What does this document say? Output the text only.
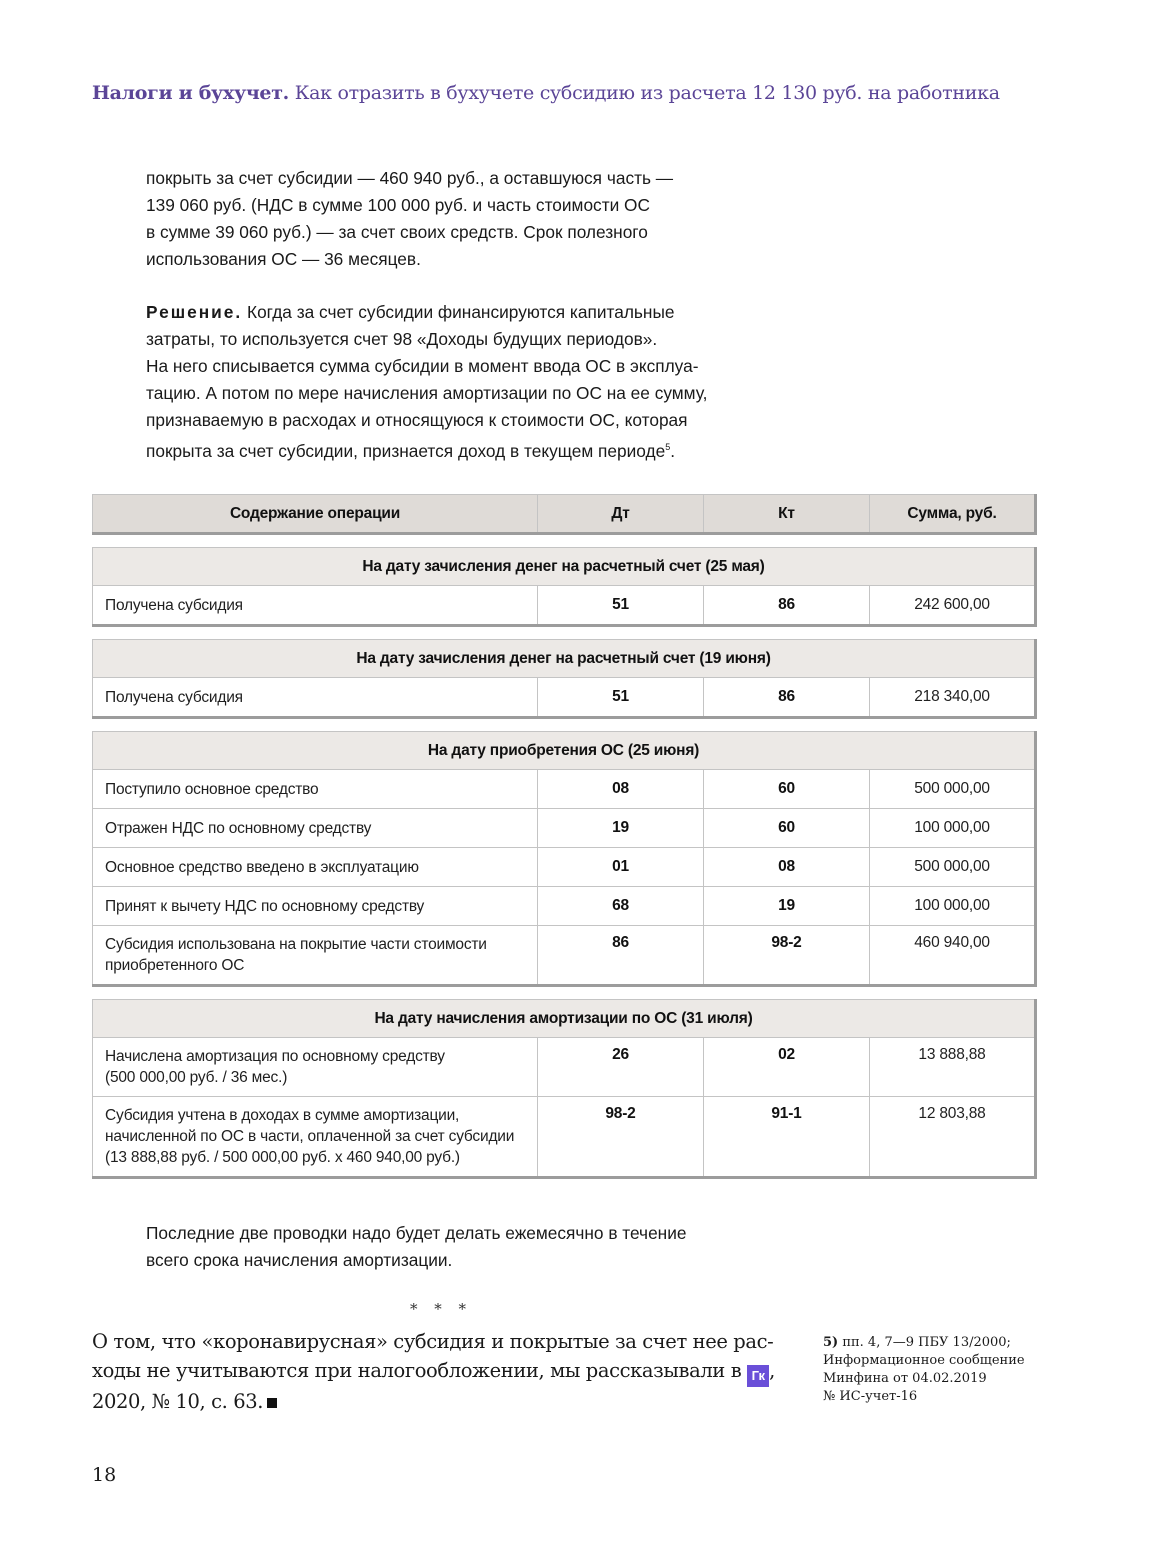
Налоги и бухучет. Как отразить в бухучете субсидию из расчета 12 130 руб. на работника

покрыть за счет субсидии — 460 940 руб., а оставшуюся часть —

139 060 руб. (НДС в сумме 100 000 руб. и часть стоимости ОС

в сумме 39 060 руб.) — за счет своих средств. Срок полезного

использования ОС — 36 месяцев.

Решение. Когда за счет субсидии финансируются капитальные

затраты, то используется счет 98 «Доходы будущих периодов».

На него списывается сумма субсидии в момент ввода ОС в эксплуа-

тацию. А потом по мере начисления амортизации по ОС на ее сумму,

признаваемую в расходах и относящуюся к стоимости ОС, которая

покрыта за счет субсидии, признается доход в текущем периоде$^5$.

Содержание операции	Дт	Кт	Сумма, руб.
На дату зачисления денег на расчетный счет (25 мая)
Получена субсидия	51	86	242 600,00
На дату зачисления денег на расчетный счет (19 июня)
Получена субсидия	51	86	218 340,00
На дату приобретения ОС (25 июня)			
Поступило основное средство	08	60	500 000,00
Отражен НДС по основному средству	19	60	100 000,00
Основное средство введено в эксплуатацию	01	08	500 000,00
Принят к вычету НДС по основному средству	68	19	100 000,00

Субсидия использована на покрытие части стоимости
приобретенного ОС	86	98-2	460 940,00
На дату начисления амортизации по ОС (31 июля)			

Начислена амортизация по основному средству
(500 000,00 руб. / 36 мес.)	26	02	13 888,88

Субсидия учтена в доходах в сумме амортизации,
начисленной по ОС в части, оплаченной за счет субсидии
(13 888,88 руб. / 500 000,00 руб. х 460 940,00 руб.)	98-2	91-1	12 803,88

Последние две проводки надо будет делать ежемесячно в течение

всего срока начисления амортизации.

* * *

О том, что «коронавирусная» субсидия и покрытые за счет нее рас-

ходы не учитываются при налогообложении, мы рассказывали в Гк ,

2020, № 10, с. 63.

5) пп. 4, 7—9 ПБУ 13/2000;
Информационное сообщение
Минфина от 04.02.2019
№ ИС-учет-16
18
